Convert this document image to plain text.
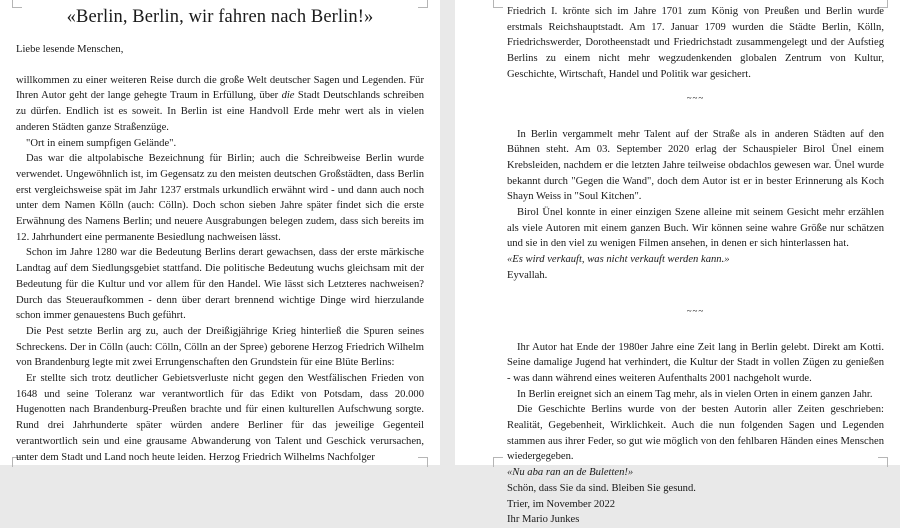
«Berlin, Berlin, wir fahren nach Berlin!»

Liebe lesende Menschen,

willkommen zu einer weiteren Reise durch die große Welt deutscher Sagen und Legenden. Für Ihren Autor geht der lange gehegte Traum in Erfüllung, über die Stadt Deutschlands schreiben zu dürfen. Endlich ist es soweit. In Berlin ist eine Handvoll Erde mehr wert als in vielen anderen Städten ganze Straßenzüge.

"Ort in einem sumpfigen Gelände".

Das war die altpolabische Bezeichnung für Birlin; auch die Schreibweise Berlin wurde verwendet. Ungewöhnlich ist, im Gegensatz zu den meisten deutschen Großstädten, dass Berlin erst vergleichsweise spät im Jahr 1237 erstmals urkundlich erwähnt wird - und dann auch noch unter dem Namen Kölln (auch: Cölln). Doch schon sieben Jahre später findet sich die erste Erwähnung des Namens Berlin; und neuere Ausgrabungen belegen zudem, dass sich bereits im 12. Jahrhundert eine permanente Besiedlung nachweisen lässt.

Schon im Jahre 1280 war die Bedeutung Berlins derart gewachsen, dass der erste märkische Landtag auf dem Siedlungsgebiet stattfand. Die politische Bedeutung wuchs gleichsam mit der Bedeutung für die Kultur und vor allem für den Handel. Wie lässt sich Letzteres nachweisen? Durch das Steueraufkommen - denn über derart brennend wichtige Dinge wird hierzulande schon immer genauestens Buch geführt.

Die Pest setzte Berlin arg zu, auch der Dreißigjährige Krieg hinterließ die Spuren seines Schreckens. Der in Cölln (auch: Cölln, Cölln an der Spree) geborene Herzog Friedrich Wilhelm von Brandenburg legte mit zwei Errungenschaften den Grundstein für eine Blüte Berlins:

Er stellte sich trotz deutlicher Gebietsverluste nicht gegen den Westfälischen Frieden von 1648 und seine Toleranz war verantwortlich für das Edikt von Potsdam, dass 20.000 Hugenotten nach Brandenburg-Preußen brachte und für einen kulturellen Aufschwung sorgte. Rund drei Jahrhunderte später würden andere Berliner für das jeweilige Gegenteil verantwortlich sein und eine grausame Abwanderung von Talent und Geschick verursachen, unter dem Stadt und Land noch heute leiden. Herzog Friedrich Wilhelms Nachfolger

Friedrich I. krönte sich im Jahre 1701 zum König von Preußen und Berlin wurde erstmals Reichshauptstadt. Am 17. Januar 1709 wurden die Städte Berlin, Kölln, Friedrichswerder, Dorotheenstadt und Friedrichstadt zusammengelegt und der Aufstieg Berlins zu einem nicht mehr wegzudenkenden globalen Zentrum von Kultur, Geschichte, Wirtschaft, Handel und Politik war gesichert.

~~~

In Berlin vergammelt mehr Talent auf der Straße als in anderen Städten auf den Bühnen steht. Am 03. September 2020 erlag der Schauspieler Birol Ünel einem Krebsleiden, nachdem er die letzten Jahre teilweise obdachlos gewesen war. Ünel wurde bekannt durch "Gegen die Wand", doch dem Autor ist er in bester Erinnerung als Koch Shayn Weiss in "Soul Kitchen".

Birol Ünel konnte in einer einzigen Szene alleine mit seinem Gesicht mehr erzählen als viele Autoren mit einem ganzen Buch. Wir können seine wahre Größe nur schätzen und sie in den viel zu wenigen Filmen ansehen, in denen er sich hinterlassen hat.

«Es wird verkauft, was nicht verkauft werden kann.»

Eyvallah.

~~~

Ihr Autor hat Ende der 1980er Jahre eine Zeit lang in Berlin gelebt. Direkt am Kotti. Seine damalige Jugend hat verhindert, die Kultur der Stadt in vollen Zügen zu genießen - was dann während eines weiteren Aufenthalts 2001 nachgeholt wurde.

In Berlin ereignet sich an einem Tag mehr, als in vielen Orten in einem ganzen Jahr.

Die Geschichte Berlins wurde von der besten Autorin aller Zeiten geschrieben: Realität, Gegebenheit, Wirklichkeit. Auch die nun folgenden Sagen und Legenden stammen aus ihrer Feder, so gut wie möglich von den fehlbaren Händen eines Menschen wiedergegeben.

«Nu aba ran an de Buletten!»

Schön, dass Sie da sind. Bleiben Sie gesund.

Trier, im November 2022

Ihr Mario Junkes
